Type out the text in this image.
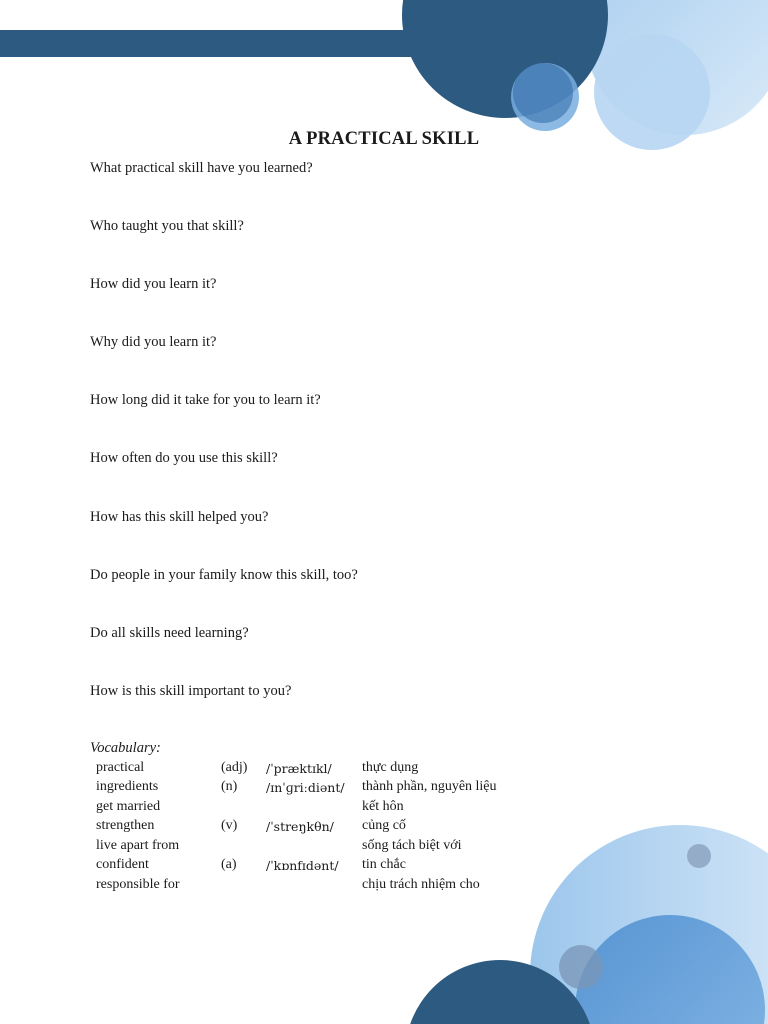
A PRACTICAL SKILL
What practical skill have you learned?
Who taught you that skill?
How did you learn it?
Why did you learn it?
How long did it take for you to learn it?
How often do you use this skill?
How has this skill helped you?
Do people in your family know this skill, too?
Do all skills need learning?
How is this skill important to you?
Vocabulary:
practical	(adj) /ˈpræktɪkl/ thực dụng
ingredients	(n) /ɪnˈɡriːdiənt/ thành phần, nguyên liệu
get married	kết hôn
strengthen	(v) /ˈstreŋkθn/ củng cố
live apart from	sống tách biệt với
confident	(a) /ˈkɒnfɪdənt/ tin chắc
responsible for	chịu trách nhiệm cho
